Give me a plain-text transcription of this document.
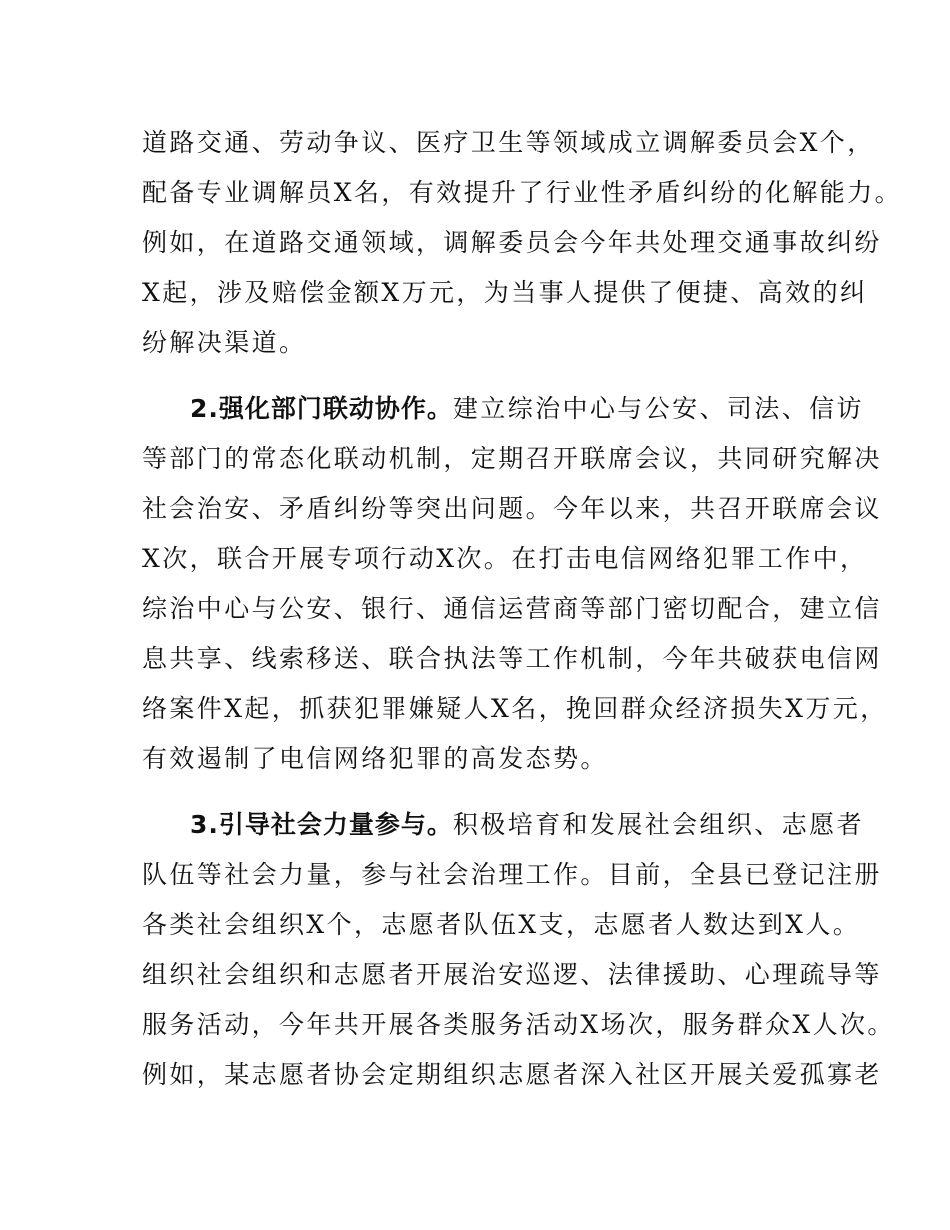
道路交通、劳动争议、医疗卫生等领域成立调解委员会X个，
配备专业调解员X名，有效提升了行业性矛盾纠纷的化解能力。
例如，在道路交通领域，调解委员会今年共处理交通事故纠纷
X起，涉及赔偿金额X万元，为当事人提供了便捷、高效的纠
纷解决渠道。
2.强化部门联动协作。建立综治中心与公安、司法、信访
等部门的常态化联动机制，定期召开联席会议，共同研究解决
社会治安、矛盾纠纷等突出问题。今年以来，共召开联席会议
X次，联合开展专项行动X次。在打击电信网络犯罪工作中，
综治中心与公安、银行、通信运营商等部门密切配合，建立信
息共享、线索移送、联合执法等工作机制，今年共破获电信网
络案件X起，抓获犯罪嫌疑人X名，挽回群众经济损失X万元，
有效遏制了电信网络犯罪的高发态势。
3.引导社会力量参与。积极培育和发展社会组织、志愿者
队伍等社会力量，参与社会治理工作。目前，全县已登记注册
各类社会组织X个，志愿者队伍X支，志愿者人数达到X人。
组织社会组织和志愿者开展治安巡逻、法律援助、心理疏导等
服务活动，今年共开展各类服务活动X场次，服务群众X人次。
例如，某志愿者协会定期组织志愿者深入社区开展关爱孤寡老
